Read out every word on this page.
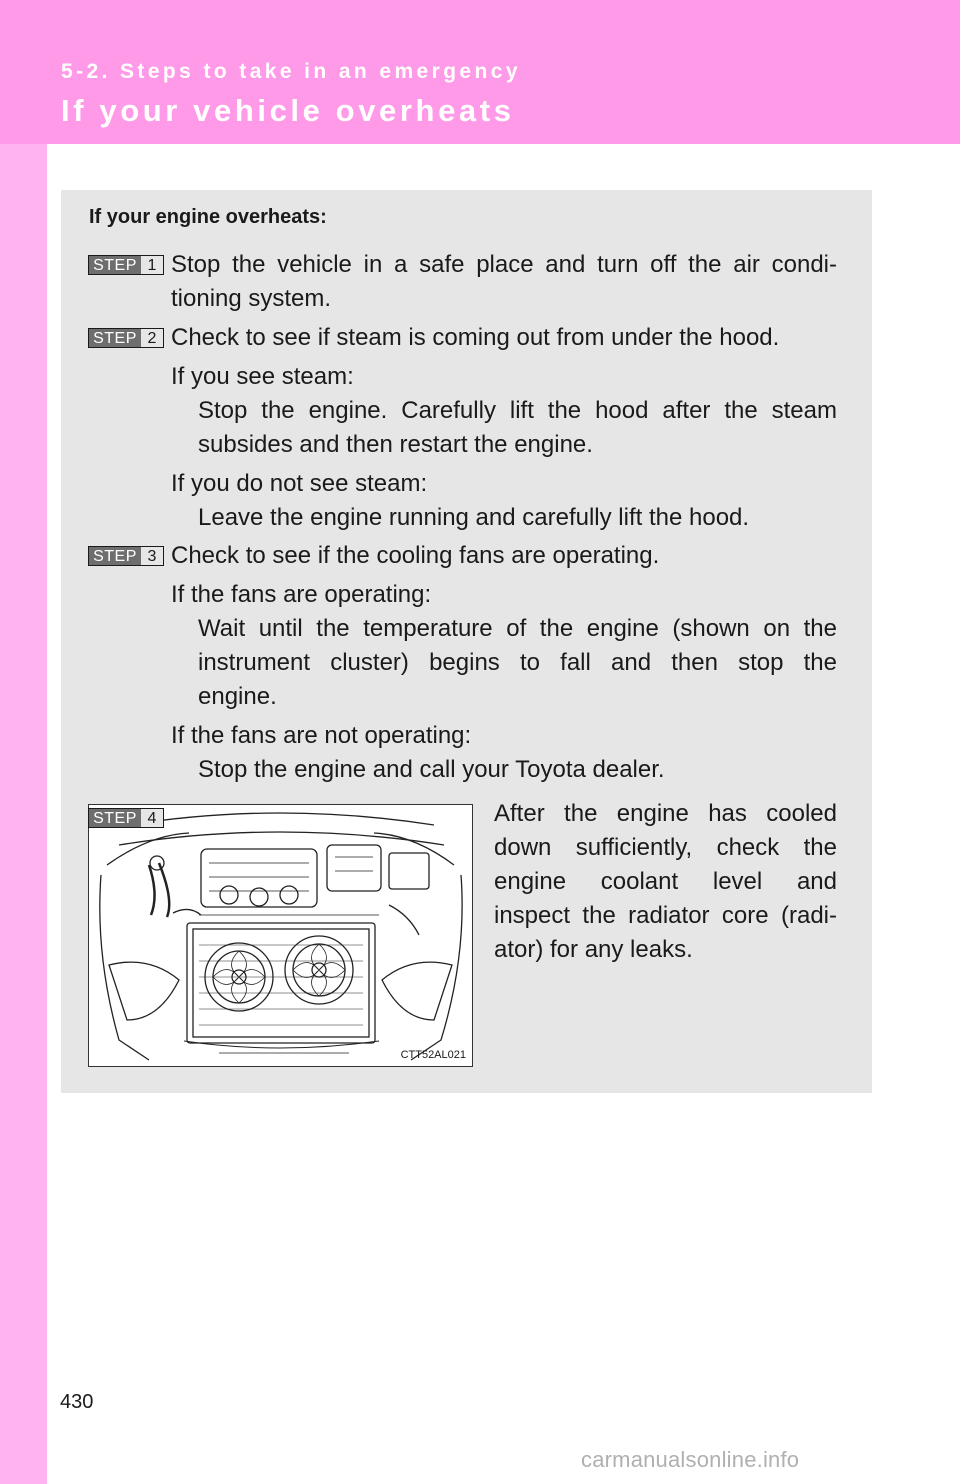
5-2. Steps to take in an emergency
If your vehicle overheats
If your engine overheats:
STEP 1 Stop the vehicle in a safe place and turn off the air condi-
tioning system.
STEP 2 Check to see if steam is coming out from under the hood.
If you see steam:
Stop the engine. Carefully lift the hood after the steam
subsides and then restart the engine.
If you do not see steam:
Leave the engine running and carefully lift the hood.
STEP 3 Check to see if the cooling fans are operating.
If the fans are operating:
Wait until the temperature of the engine (shown on the
instrument cluster) begins to fall and then stop the
engine.
If the fans are not operating:
Stop the engine and call your Toyota dealer.
CTT52AL021
STEP 4	After the engine has cooled
down sufficiently, check the
engine coolant level and
inspect the radiator core (radi-
ator) for any leaks.
430
carmanualsonline.info
